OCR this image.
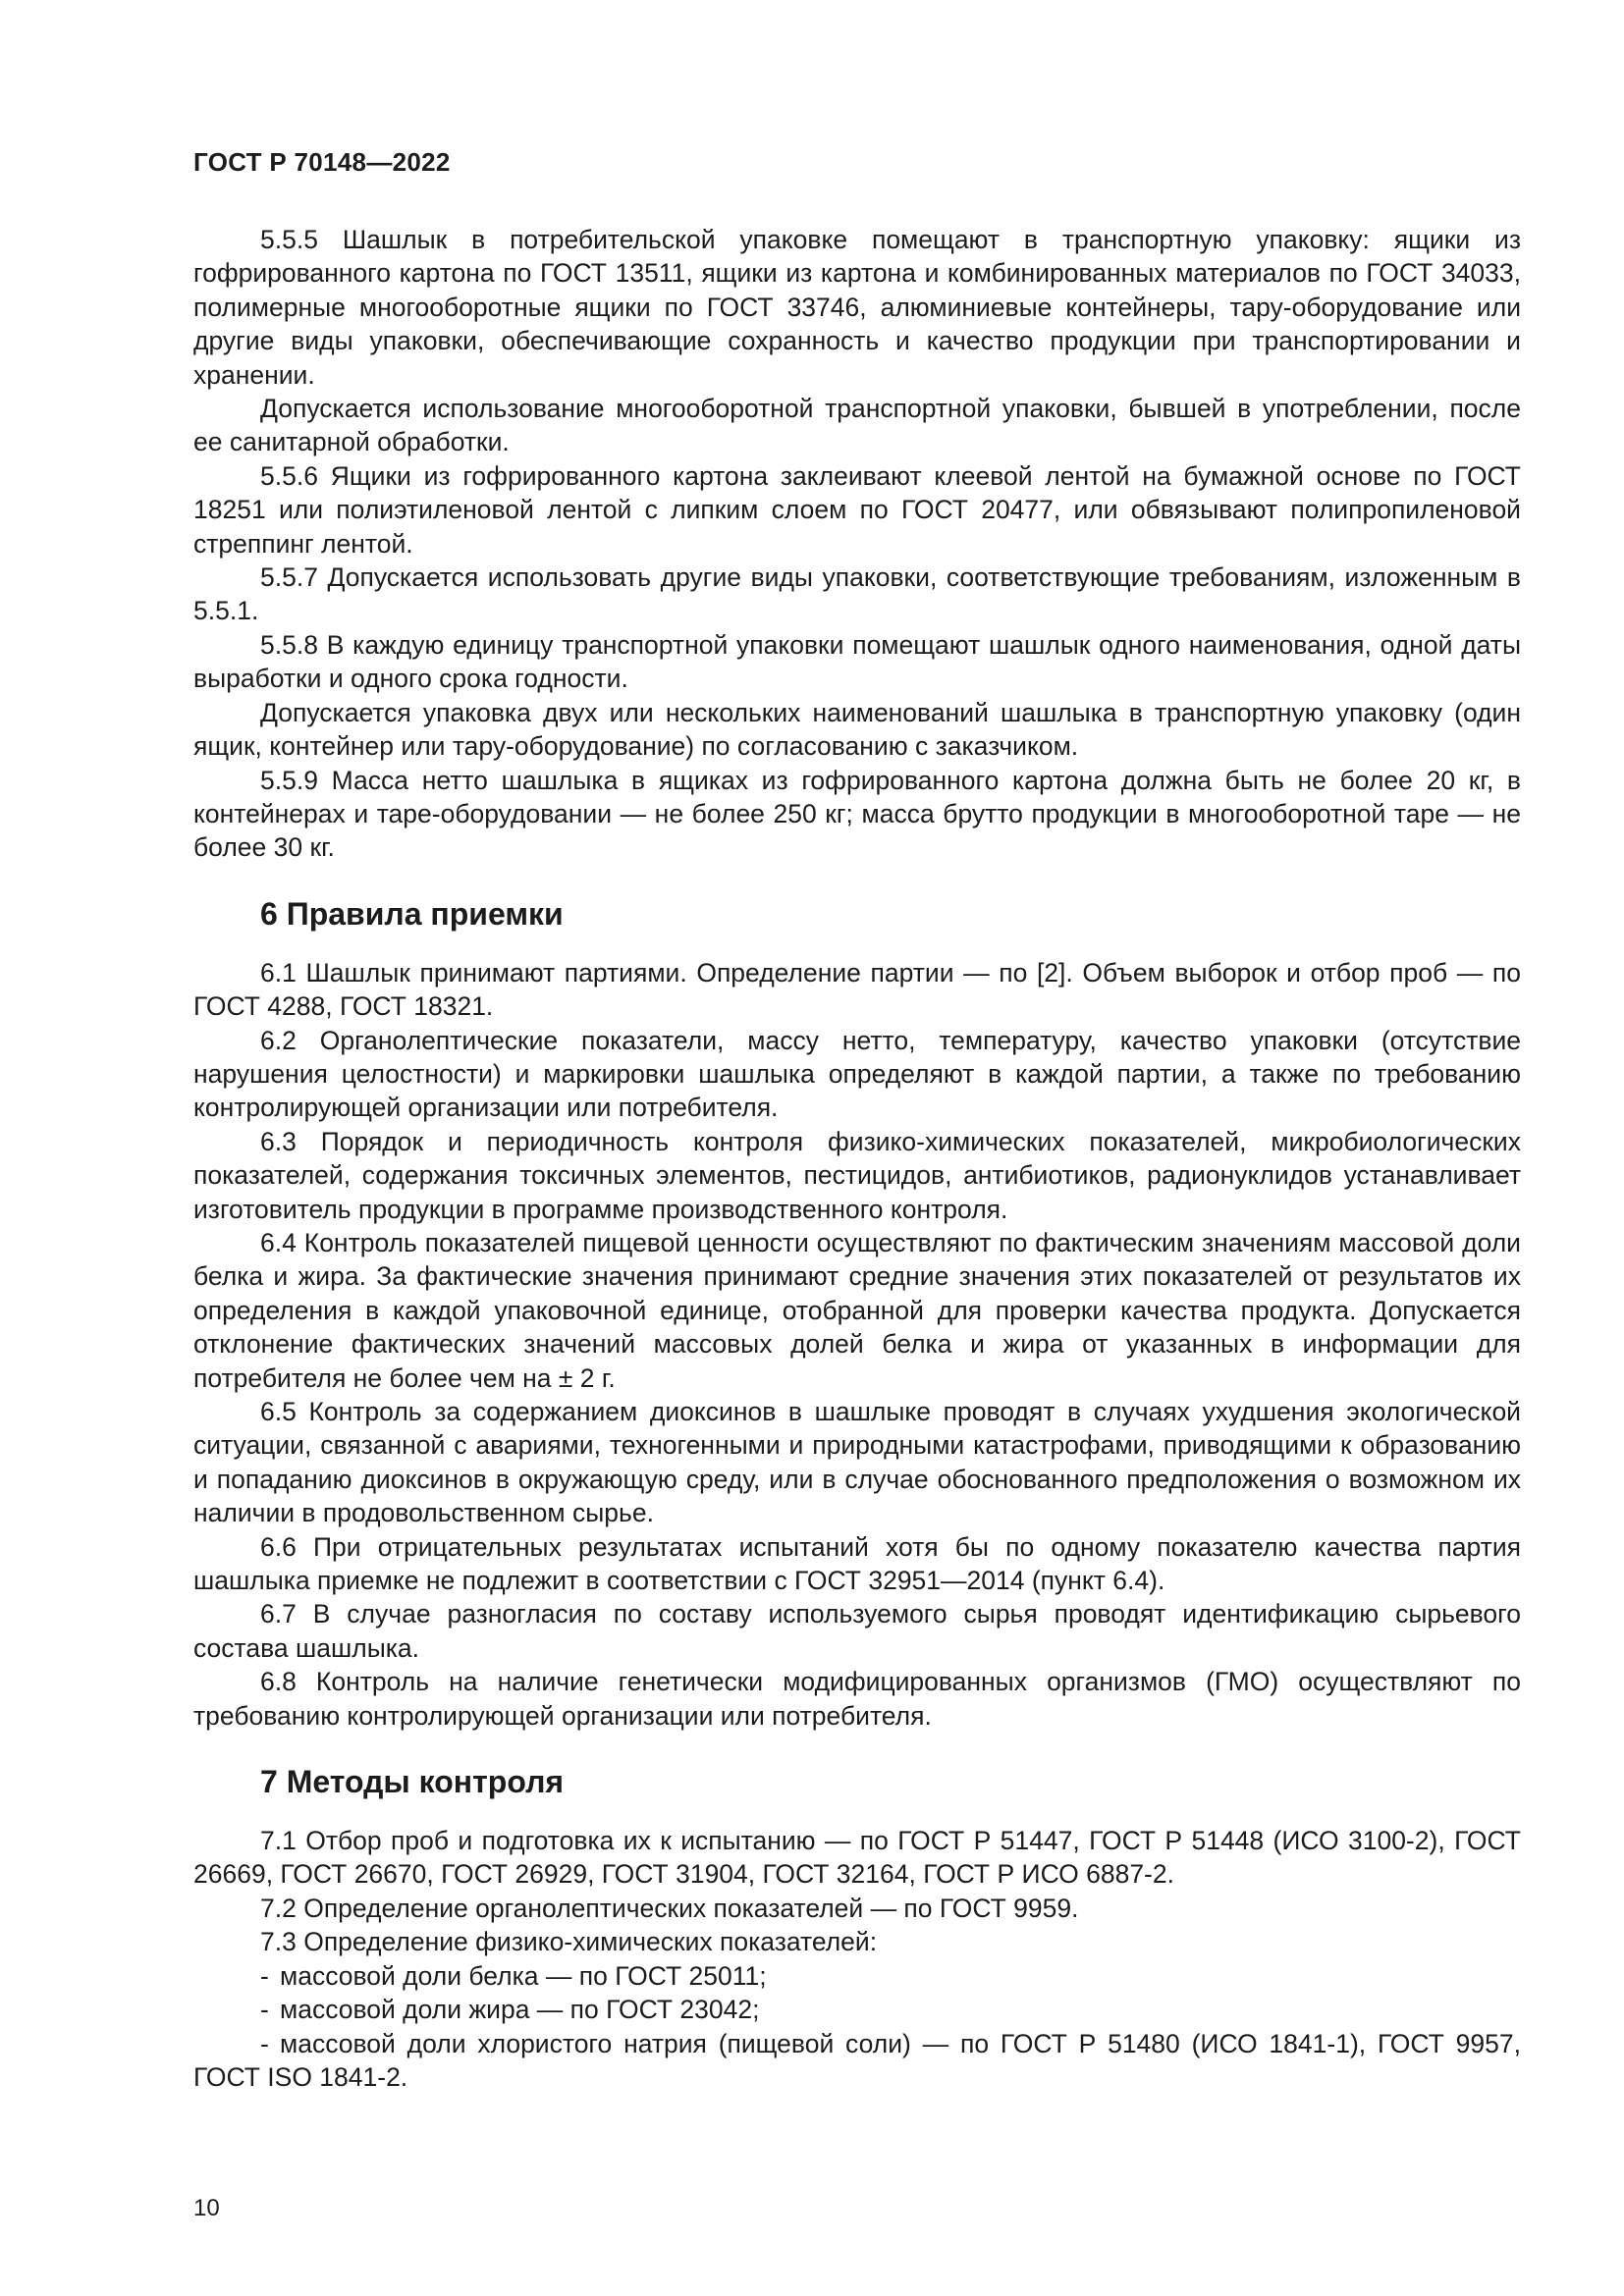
ГОСТ Р 70148—2022

5.5.5 Шашлык в потребительской упаковке помещают в транспортную упаковку: ящики из гофрированного картона по ГОСТ 13511, ящики из картона и комбинированных материалов по ГОСТ 34033, полимерные многооборотные ящики по ГОСТ 33746, алюминиевые контейнеры, тару-оборудование или другие виды упаковки, обеспечивающие сохранность и качество продукции при транспортировании и хранении.

Допускается использование многооборотной транспортной упаковки, бывшей в употреблении, после ее санитарной обработки.

5.5.6 Ящики из гофрированного картона заклеивают клеевой лентой на бумажной основе по ГОСТ 18251 или полиэтиленовой лентой с липким слоем по ГОСТ 20477, или обвязывают полипропиленовой стреппинг лентой.

5.5.7 Допускается использовать другие виды упаковки, соответствующие требованиям, изложенным в 5.5.1.

5.5.8 В каждую единицу транспортной упаковки помещают шашлык одного наименования, одной даты выработки и одного срока годности.

Допускается упаковка двух или нескольких наименований шашлыка в транспортную упаковку (один ящик, контейнер или тару-оборудование) по согласованию с заказчиком.

5.5.9 Масса нетто шашлыка в ящиках из гофрированного картона должна быть не более 20 кг, в контейнерах и таре-оборудовании — не более 250 кг; масса брутто продукции в многооборотной таре — не более 30 кг.

6 Правила приемки

6.1 Шашлык принимают партиями. Определение партии — по [2]. Объем выборок и отбор проб — по ГОСТ 4288, ГОСТ 18321.

6.2 Органолептические показатели, массу нетто, температуру, качество упаковки (отсутствие нарушения целостности) и маркировки шашлыка определяют в каждой партии, а также по требованию контролирующей организации или потребителя.

6.3 Порядок и периодичность контроля физико-химических показателей, микробиологических показателей, содержания токсичных элементов, пестицидов, антибиотиков, радионуклидов устанавливает изготовитель продукции в программе производственного контроля.

6.4 Контроль показателей пищевой ценности осуществляют по фактическим значениям массовой доли белка и жира. За фактические значения принимают средние значения этих показателей от результатов их определения в каждой упаковочной единице, отобранной для проверки качества продукта. Допускается отклонение фактических значений массовых долей белка и жира от указанных в информации для потребителя не более чем на ± 2 г.

6.5 Контроль за содержанием диоксинов в шашлыке проводят в случаях ухудшения экологической ситуации, связанной с авариями, техногенными и природными катастрофами, приводящими к образованию и попаданию диоксинов в окружающую среду, или в случае обоснованного предположения о возможном их наличии в продовольственном сырье.

6.6 При отрицательных результатах испытаний хотя бы по одному показателю качества партия шашлыка приемке не подлежит в соответствии с ГОСТ 32951—2014 (пункт 6.4).

6.7 В случае разногласия по составу используемого сырья проводят идентификацию сырьевого состава шашлыка.

6.8 Контроль на наличие генетически модифицированных организмов (ГМО) осуществляют по требованию контролирующей организации или потребителя.

7 Методы контроля

7.1 Отбор проб и подготовка их к испытанию — по ГОСТ Р 51447, ГОСТ Р 51448 (ИСО 3100-2), ГОСТ 26669, ГОСТ 26670, ГОСТ 26929, ГОСТ 31904, ГОСТ 32164, ГОСТ Р ИСО 6887-2.

7.2 Определение органолептических показателей — по ГОСТ 9959.

7.3 Определение физико-химических показателей:

- массовой доли белка — по ГОСТ 25011;

- массовой доли жира — по ГОСТ 23042;

- массовой доли хлористого натрия (пищевой соли) — по ГОСТ Р 51480 (ИСО 1841-1), ГОСТ 9957, ГОСТ ISO 1841-2.

10
